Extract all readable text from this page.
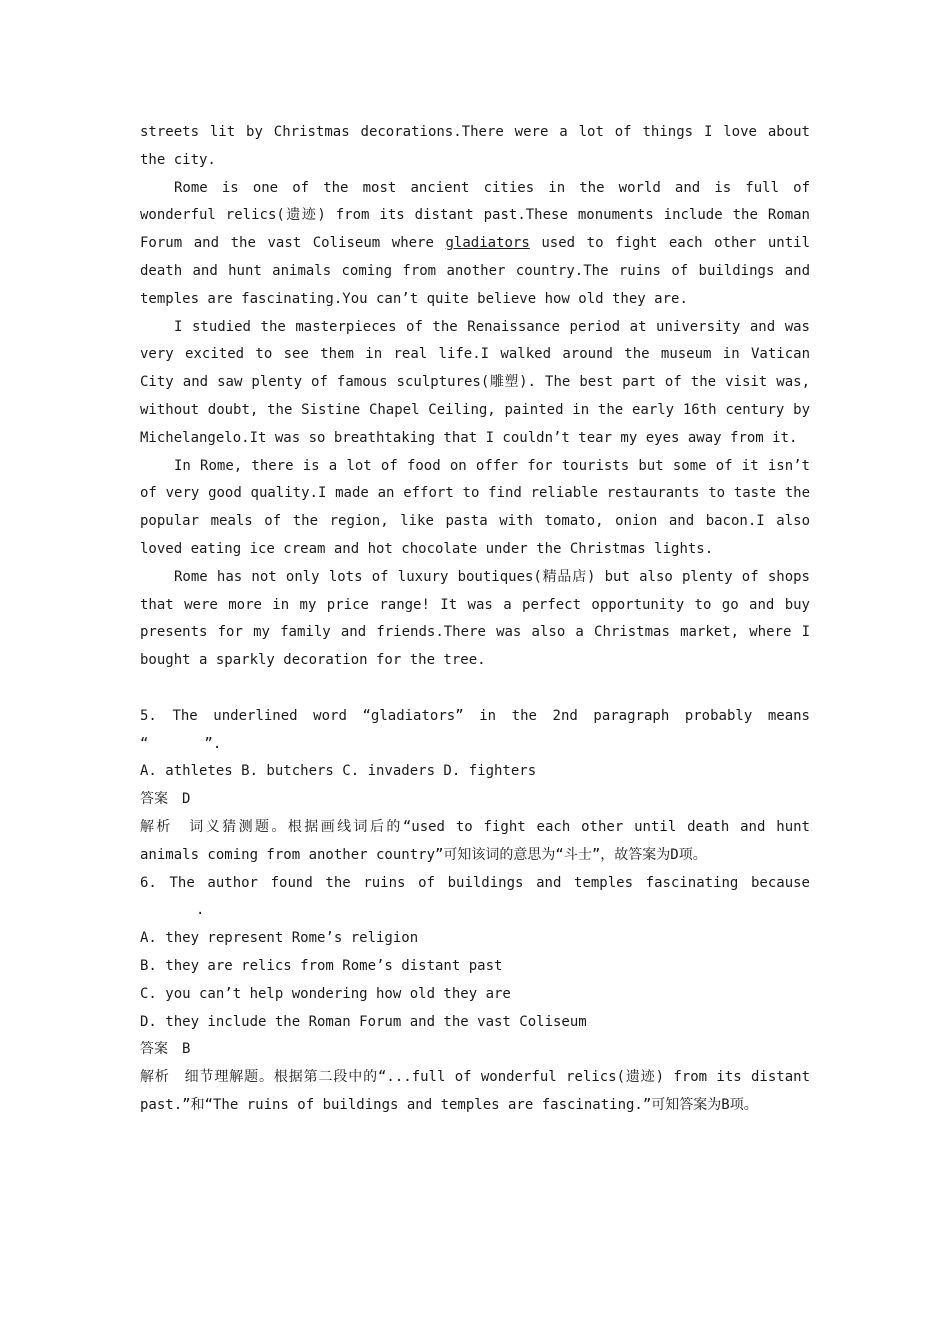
streets lit by Christmas decorations.There were a lot of things I love about the city.

Rome is one of the most ancient cities in the world and is full of wonderful relics(遗迹) from its distant past.These monuments include the Roman Forum and the vast Coliseum where gladiators used to fight each other until death and hunt animals coming from another country.The ruins of buildings and temples are fascinating.You can’t quite believe how old they are.

I studied the masterpieces of the Renaissance period at university and was very excited to see them in real life.I walked around the museum in Vatican City and saw plenty of famous sculptures(雕塑). The best part of the visit was, without doubt, the Sistine Chapel Ceiling, painted in the early 16th century by Michelangelo.It was so breathtaking that I couldn’t tear my eyes away from it.

In Rome, there is a lot of food on offer for tourists but some of it isn’t of very good quality.I made an effort to find reliable restaurants to taste the popular meals of the region, like pasta with tomato, onion and bacon.I also loved eating ice cream and hot chocolate under the Christmas lights.

Rome has not only lots of luxury boutiques(精品店) but also plenty of shops that were more in my price range! It was a perfect opportunity to go and buy presents for my family and friends.There was also a Christmas market, where I bought a sparkly decoration for the tree.

5. The underlined word “gladiators” in the 2nd paragraph probably means “　　　　”.

A. athletes B. butchers C. invaders D. fighters

答案　D

解析　词义猜测题。根据画线词后的“used to fight each other until death and hunt animals coming from another country”可知该词的意思为“斗士”，故答案为D项。

6. The author found the ruins of buildings and temples fascinating because 　　　　.

A. they represent Rome’s religion

B. they are relics from Rome’s distant past

C. you can’t help wondering how old they are

D. they include the Roman Forum and the vast Coliseum

答案　B

解析　细节理解题。根据第二段中的“...full of wonderful relics(遗迹) from its distant past.”和“The ruins of buildings and temples are fascinating.”可知答案为B项。
